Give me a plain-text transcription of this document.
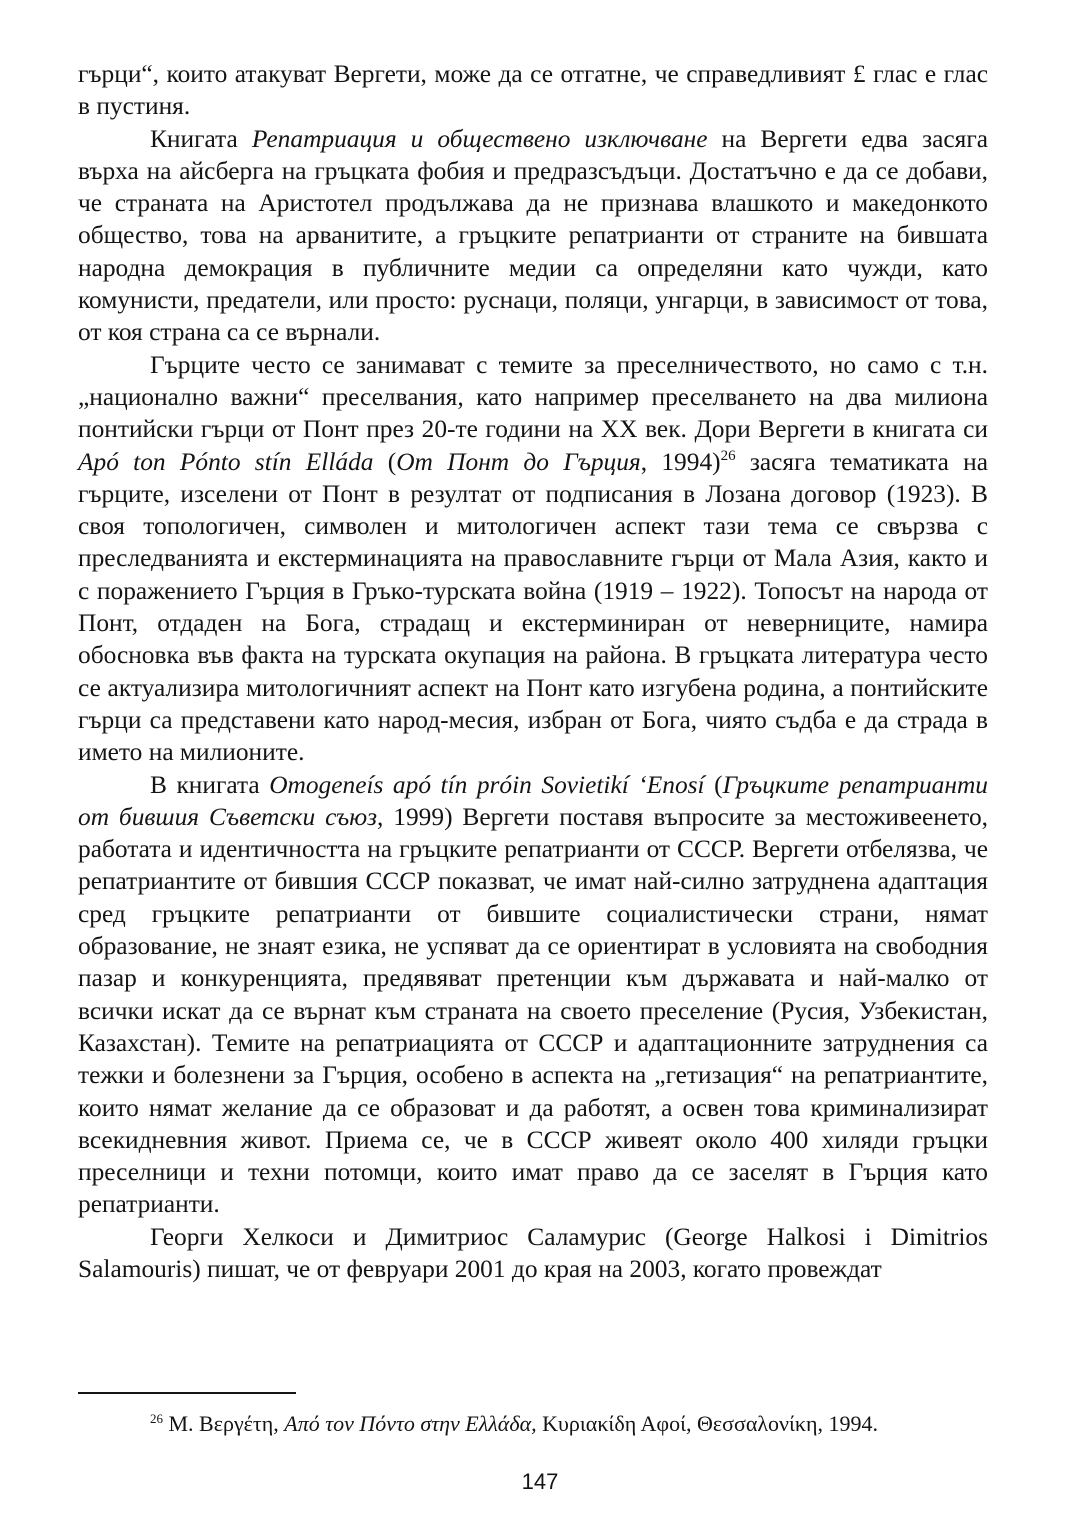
гърци“, които атакуват Вергети, може да се отгатне, че справедливият £ глас е глас в пустиня.

Книгата Репатриация и обществено изключване на Вергети едва засяга върха на айсберга на гръцката фобия и предразсъдъци. Достатъчно е да се добави, че страната на Аристотел продължава да не признава влашкото и македонкото общество, това на арванитите, а гръцките репатрианти от страните на бившата народна демокрация в публичните медии са определяни като чужди, като комунисти, предатели, или просто: руснаци, поляци, унгарци, в зависимост от това, от коя страна са се върнали.

Гърците често се занимават с темите за преселничеството, но само с т.н. „национално важни“ преселвания, като например преселването на два милиона понтийски гърци от Понт през 20-те години на XX век. Дори Вергети в книгата си Apó ton Pónto stín Elláda (От Понт до Гърция, 1994)$^{26}$ засяга тематиката на гърците, изселени от Понт в резултат от подписания в Лозана договор (1923). В своя топологичен, символен и митологичен аспект тази тема се свързва с преследванията и екстерминацията на православните гърци от Мала Азия, както и с поражението Гърция в Гръко-турската война (1919 – 1922). Топосът на народа от Понт, отдаден на Бога, страдащ и екстерминиран от неверниците, намира обосновка във факта на турската окупация на района. В гръцката литература често се актуализира митологичният аспект на Понт като изгубена родина, а понтийските гърци са представени като народ-месия, избран от Бога, чиято съдба е да страда в името на милионите.

В книгата Omogeneís apó tín próin Sovietikí ‘Enosí (Гръцките репатрианти от бившия Съветски съюз, 1999) Вергети поставя въпросите за местоживеенето, работата и идентичността на гръцките репатрианти от СССР. Вергети отбелязва, че репатриантите от бившия СССР показват, че имат най-силно затруднена адаптация сред гръцките репатрианти от бившите социалистически страни, нямат образование, не знаят езика, не успяват да се ориентират в условията на свободния пазар и конкуренцията, предявяват претенции към държавата и най-малко от всички искат да се върнат към страната на своето преселение (Русия, Узбекистан, Казахстан). Темите на репатриацията от СССР и адаптационните затруднения са тежки и болезнени за Гърция, особено в аспекта на „гетизация“ на репатриантите, които нямат желание да се образоват и да работят, а освен това криминализират всекидневния живот. Приема се, че в СССР живеят около 400 хиляди гръцки преселници и техни потомци, които имат право да се заселят в Гърция като репатрианти.

Георги Хелкоси и Димитриос Саламурис (George Halkosi i Dimitrios Salamouris) пишат, че от февруари 2001 до края на 2003, когато провеждат

$^{26}$ Μ. Βεργέτη, Από τον Πόντο στην Ελλάδα, Κυριακίδη Αφοί, Θεσσαλονίκη, 1994.
147
